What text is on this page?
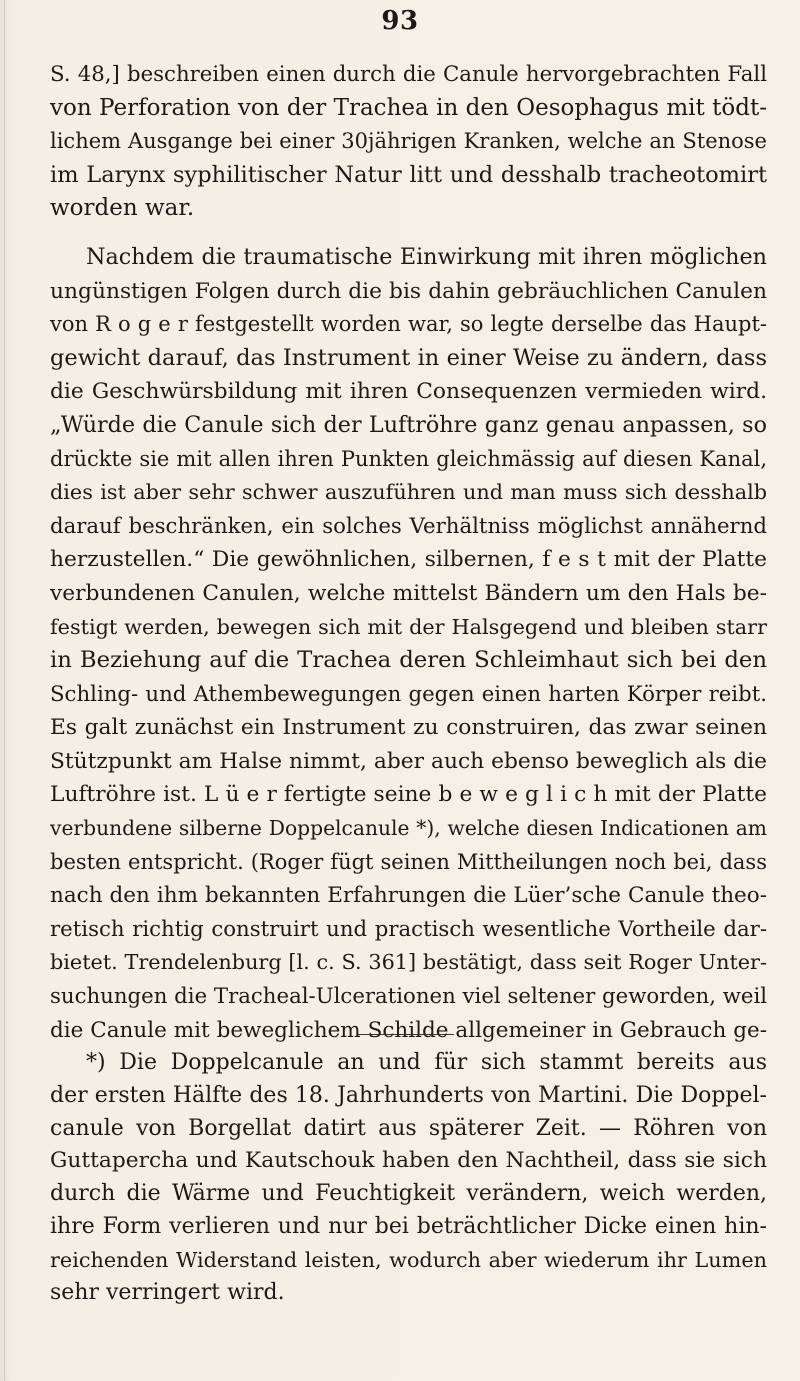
93
S. 48,] beschreiben einen durch die Canule hervorgebrachten Fall
von Perforation von der Trachea in den Oesophagus mit tödt-
lichem Ausgange bei einer 30jährigen Kranken, welche an Stenose
im Larynx syphilitischer Natur litt und desshalb tracheotomirt
worden war.
Nachdem die traumatische Einwirkung mit ihren möglichen
ungünstigen Folgen durch die bis dahin gebräuchlichen Canulen
von R o g e r festgestellt worden war, so legte derselbe das Haupt-
gewicht darauf, das Instrument in einer Weise zu ändern, dass
die Geschwürsbildung mit ihren Consequenzen vermieden wird.
„Würde die Canule sich der Luftröhre ganz genau anpassen, so
drückte sie mit allen ihren Punkten gleichmässig auf diesen Kanal,
dies ist aber sehr schwer auszuführen und man muss sich desshalb
darauf beschränken, ein solches Verhältniss möglichst annähernd
herzustellen.“ Die gewöhnlichen, silbernen, f e s t mit der Platte
verbundenen Canulen, welche mittelst Bändern um den Hals be-
festigt werden, bewegen sich mit der Halsgegend und bleiben starr
in Beziehung auf die Trachea deren Schleimhaut sich bei den
Schling- und Athembewegungen gegen einen harten Körper reibt.
Es galt zunächst ein Instrument zu construiren, das zwar seinen
Stützpunkt am Halse nimmt, aber auch ebenso beweglich als die
Luftröhre ist. L ü e r fertigte seine b e w e g l i c h mit der Platte
verbundene silberne Doppelcanule *), welche diesen Indicationen am
besten entspricht. (Roger fügt seinen Mittheilungen noch bei, dass
nach den ihm bekannten Erfahrungen die Lüer’sche Canule theo-
retisch richtig construirt und practisch wesentliche Vortheile dar-
bietet. Trendelenburg [l. c. S. 361] bestätigt, dass seit Roger Unter-
suchungen die Tracheal-Ulcerationen viel seltener geworden, weil
die Canule mit beweglichem Schilde allgemeiner in Gebrauch ge-
*) Die Doppelcanule an und für sich stammt bereits aus
der ersten Hälfte des 18. Jahrhunderts von Martini. Die Doppel-
canule von Borgellat datirt aus späterer Zeit. — Röhren von
Guttapercha und Kautschouk haben den Nachtheil, dass sie sich
durch die Wärme und Feuchtigkeit verändern, weich werden,
ihre Form verlieren und nur bei beträchtlicher Dicke einen hin-
reichenden Widerstand leisten, wodurch aber wiederum ihr Lumen
sehr verringert wird.
